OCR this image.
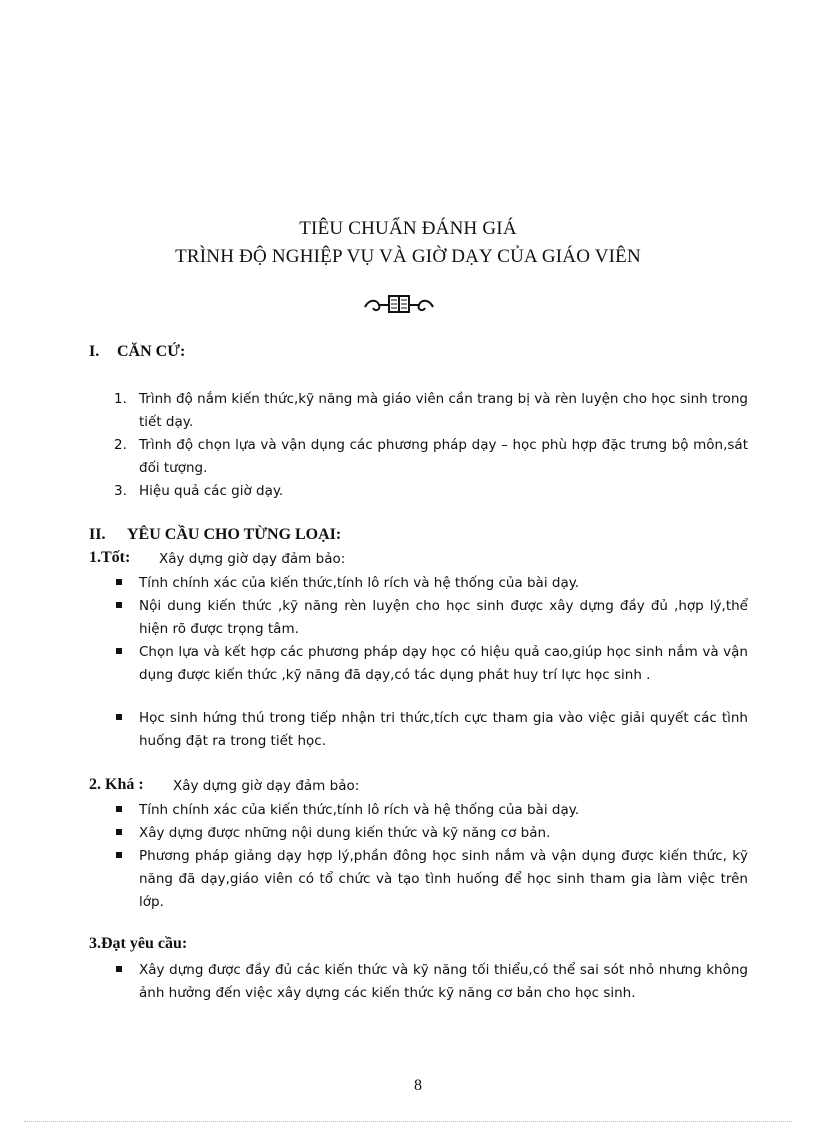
TIÊU CHUẨN ĐÁNH GIÁ
TRÌNH ĐỘ NGHIỆP VỤ VÀ GIỜ DẠY CỦA GIÁO VIÊN
I. CĂN CỨ:
1. Trình độ nắm kiến thức,kỹ năng mà giáo viên cần trang bị và rèn luyện cho học sinh trong tiết dạy.
2. Trình độ chọn lựa và vận dụng các phương pháp dạy – học phù hợp đặc trưng bộ môn,sát đối tượng.
3. Hiệu quả các giờ dạy.
II. YÊU CẦU CHO TỪNG LOẠI:
1.Tốt: Xây dựng giờ dạy đảm bảo:
Tính chính xác của kiến thức,tính lô rích và hệ thống của bài dạy.
Nội dung kiến thức ,kỹ năng rèn luyện cho học sinh được xây dựng đầy đủ ,hợp lý,thể hiện rõ được trọng tâm.
Chọn lựa và kết hợp các phương pháp dạy học có hiệu quả cao,giúp học sinh nắm và vận dụng được kiến thức ,kỹ năng đã dạy,có tác dụng phát huy trí lực học sinh .
Học sinh hứng thú trong tiếp nhận tri thức,tích cực tham gia vào việc giải quyết các tình huống đặt ra trong tiết học.
2. Khá : Xây dựng giờ dạy đảm bảo:
Tính chính xác của kiến thức,tính lô rích và hệ thống của bài dạy.
Xây dựng được những nội dung kiến thức và kỹ năng cơ bản.
Phương pháp giảng dạy hợp lý,phần đông học sinh nắm và vận dụng được kiến thức, kỹ năng đã dạy,giáo viên có tổ chức và tạo tình huống để học sinh tham gia làm việc trên lớp.
3.Đạt yêu cầu:
Xây dựng được đầy đủ các kiến thức và kỹ năng tối thiểu,có thể sai sót nhỏ nhưng không ảnh hưởng đến việc xây dựng các kiến thức kỹ năng cơ bản cho học sinh.
8
